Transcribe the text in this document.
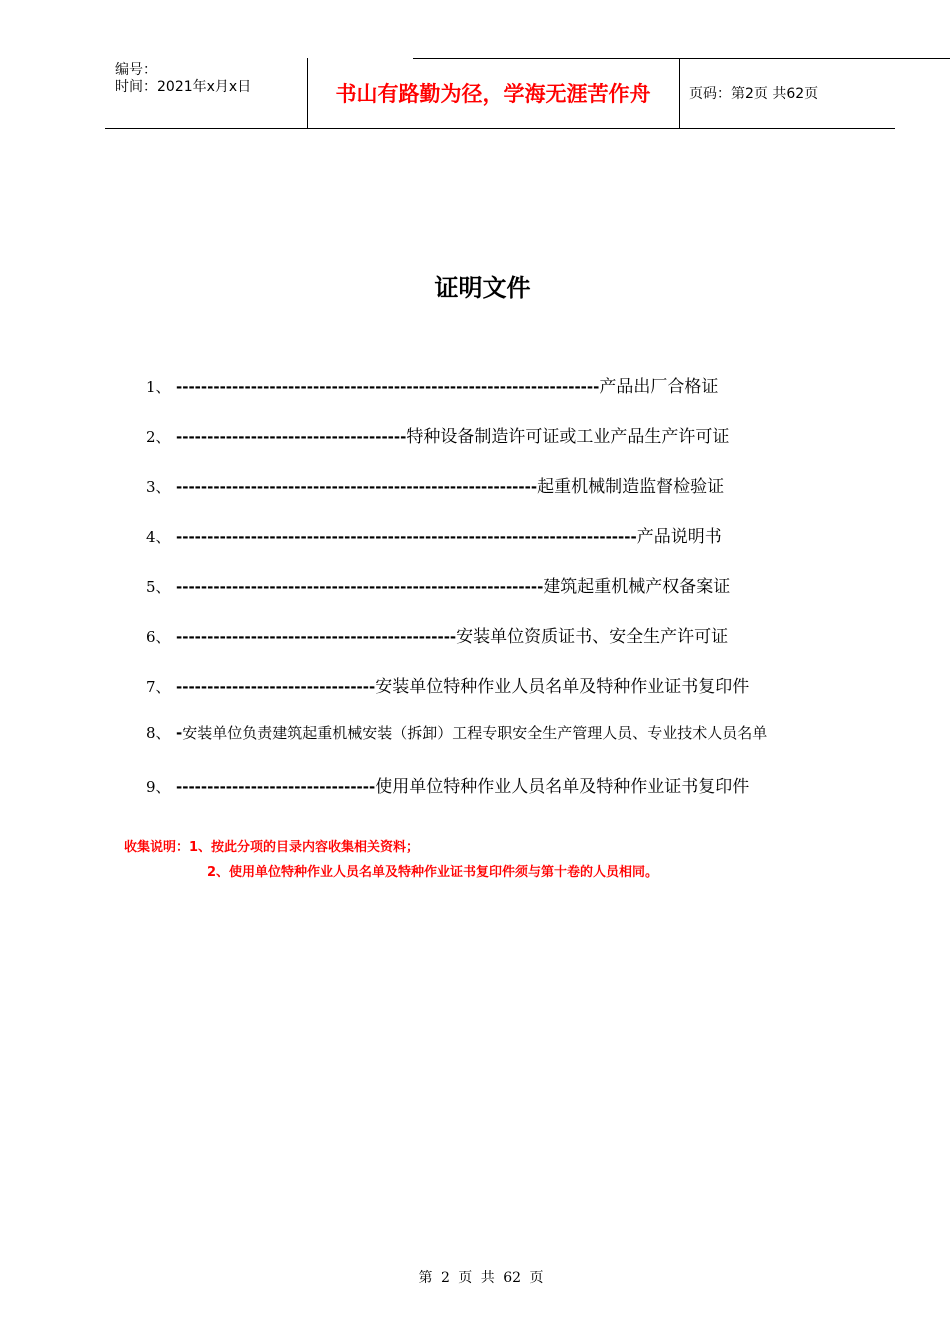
编号：
时间：2021年x月x日	书山有路勤为径，学海无涯苦作舟	页码：第2页 共62页
证明文件
1、 -------------------------------------------------------------------- 产品出厂合格证
2、 ------------------------------------- 特种设备制造许可证或工业产品生产许可证
3、 ---------------------------------------------------------- 起重机械制造监督检验证
4、 -------------------------------------------------------------------------- 产品说明书
5、 ----------------------------------------------------------- 建筑起重机械产权备案证
6、 --------------------------------------------- 安装单位资质证书、安全生产许可证
7、 -------------------------------- 安装单位特种作业人员名单及特种作业证书复印件
8、 - 安装单位负责建筑起重机械安装（拆卸）工程专职安全生产管理人员、专业技术人员名单
9、 -------------------------------- 使用单位特种作业人员名单及特种作业证书复印件
收集说明：1、按此分项的目录内容收集相关资料；
2、使用单位特种作业人员名单及特种作业证书复印件须与第十卷的人员相同。
第 2 页 共 62 页
